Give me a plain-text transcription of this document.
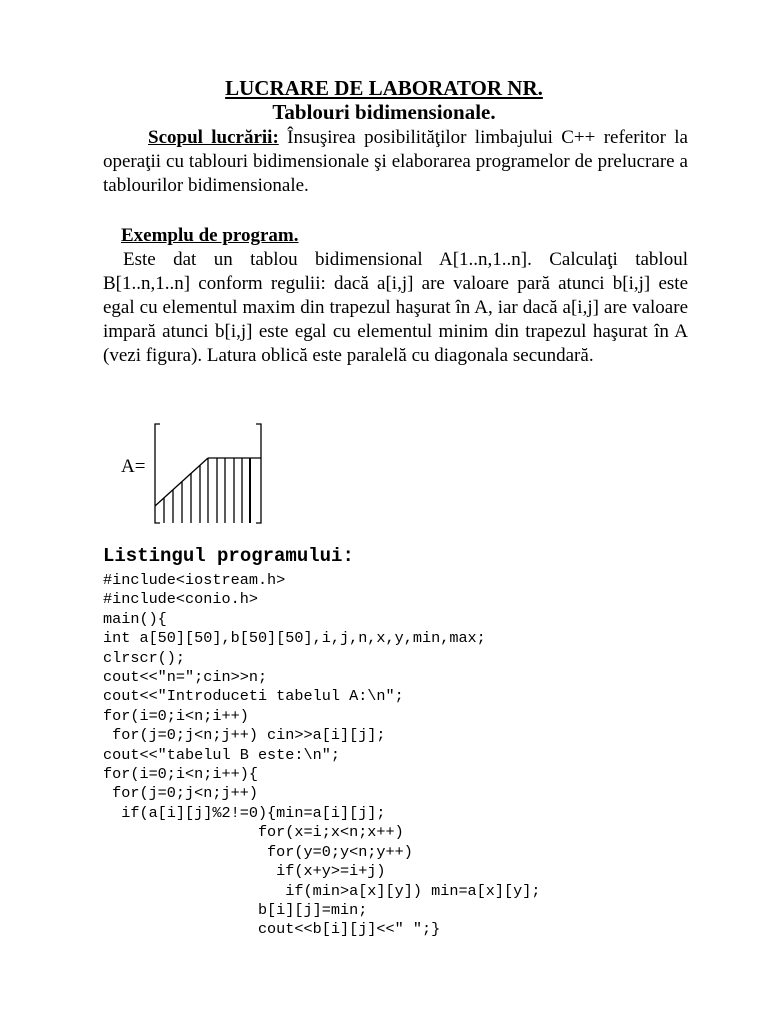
LUCRARE DE LABORATOR NR.
Tablouri bidimensionale.

Scopul lucrării: Însuşirea posibilităţilor limbajului C++ referitor la operaţii cu tablouri bidimensionale şi elaborarea programelor de prelucrare a tablourilor bidimensionale.

Exemplu de program.

Este dat un tablou bidimensional A[1..n,1..n]. Calculaţi tabloul B[1..n,1..n] conform regulii: dacă a[i,j] are valoare pară atunci b[i,j] este egal cu elementul maxim din trapezul haşurat în A, iar dacă a[i,j] are valoare impară atunci b[i,j] este egal cu elementul minim din trapezul haşurat în A (vezi figura). Latura oblică este paralelă cu diagonala secundară.

A=
Listingul programului:
#include<iostream.h>
#include<conio.h>
main(){
int a[50][50],b[50][50],i,j,n,x,y,min,max;
clrscr();
cout<<"n=";cin>>n;
cout<<"Introduceti tabelul A:\n";
for(i=0;i<n;i++)
for(j=0;j<n;j++) cin>>a[i][j];
cout<<"tabelul B este:\n";
for(i=0;i<n;i++){
for(j=0;j<n;j++)
if(a[i][j]%2!=0){min=a[i][j];
for(x=i;x<n;x++)
for(y=0;y<n;y++)
if(x+y>=i+j)
if(min>a[x][y]) min=a[x][y];
b[i][j]=min;
cout<<b[i][j]<<" ";}
